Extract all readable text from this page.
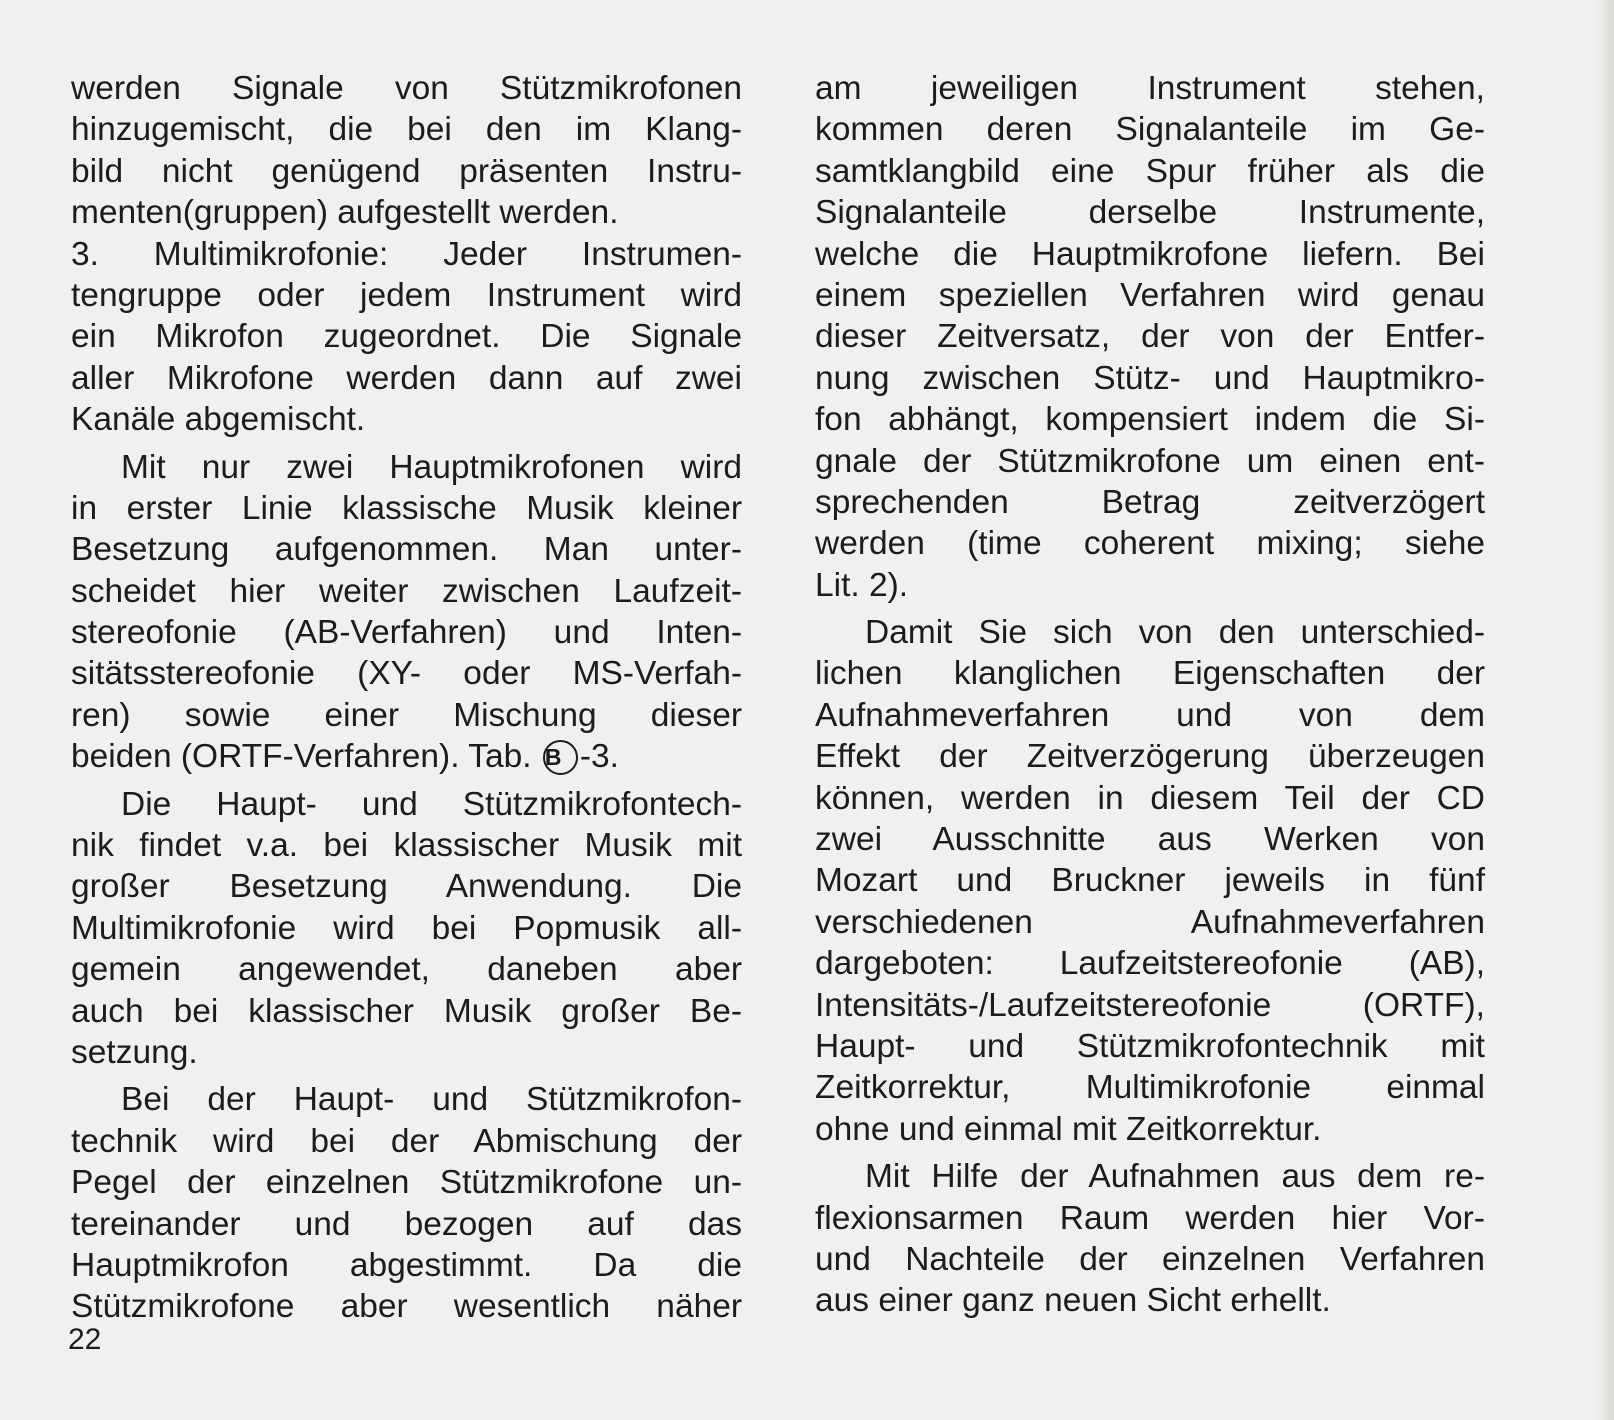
werden Signale von Stützmikrofonen
hinzugemischt, die bei den im Klang-
bild nicht genügend präsenten Instru-
menten(gruppen) aufgestellt werden.
3. Multimikrofonie: Jeder Instrumen-
tengruppe oder jedem Instrument wird
ein Mikrofon zugeordnet. Die Signale
aller Mikrofone werden dann auf zwei
Kanäle abgemischt.
Mit nur zwei Hauptmikrofonen wird
in erster Linie klassische Musik kleiner
Besetzung aufgenommen. Man unter-
scheidet hier weiter zwischen Laufzeit-
stereofonie (AB-Verfahren) und Inten-
sitätsstereofonie (XY- oder MS-Verfah-
ren) sowie einer Mischung dieser
beiden (ORTF-Verfahren). Tab. B -3.
Die Haupt- und Stützmikrofontech-
nik findet v.a. bei klassischer Musik mit
großer Besetzung Anwendung. Die
Multimikrofonie wird bei Popmusik all-
gemein angewendet, daneben aber
auch bei klassischer Musik großer Be-
setzung.
Bei der Haupt- und Stützmikrofon-
technik wird bei der Abmischung der
Pegel der einzelnen Stützmikrofone un-
tereinander und bezogen auf das
Hauptmikrofon abgestimmt. Da die
Stützmikrofone aber wesentlich näher
am jeweiligen Instrument stehen,
kommen deren Signalanteile im Ge-
samtklangbild eine Spur früher als die
Signalanteile derselbe Instrumente,
welche die Hauptmikrofone liefern. Bei
einem speziellen Verfahren wird genau
dieser Zeitversatz, der von der Entfer-
nung zwischen Stütz- und Hauptmikro-
fon abhängt, kompensiert indem die Si-
gnale der Stützmikrofone um einen ent-
sprechenden Betrag zeitverzögert
werden (time coherent mixing; siehe
Lit. 2).
Damit Sie sich von den unterschied-
lichen klanglichen Eigenschaften der
Aufnahmeverfahren und von dem
Effekt der Zeitverzögerung überzeugen
können, werden in diesem Teil der CD
zwei Ausschnitte aus Werken von
Mozart und Bruckner jeweils in fünf
verschiedenen Aufnahmeverfahren
dargeboten: Laufzeitstereofonie (AB),
Intensitäts-/Laufzeitstereofonie (ORTF),
Haupt- und Stützmikrofontechnik mit
Zeitkorrektur, Multimikrofonie einmal
ohne und einmal mit Zeitkorrektur.
Mit Hilfe der Aufnahmen aus dem re-
flexionsarmen Raum werden hier Vor-
und Nachteile der einzelnen Verfahren
aus einer ganz neuen Sicht erhellt.
22
